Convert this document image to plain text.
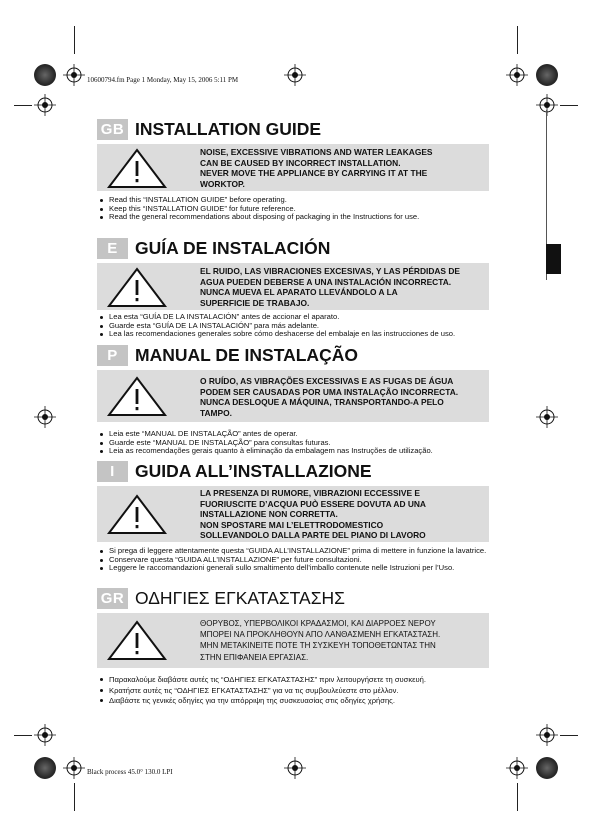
10600794.fm Page 1 Monday, May 15, 2006 5:11 PM
Black process 45.0° 130.0 LPI
GB INSTALLATION GUIDE
NOISE, EXCESSIVE VIBRATIONS AND WATER LEAKAGES
CAN BE CAUSED BY INCORRECT INSTALLATION.
NEVER MOVE THE APPLIANCE BY CARRYING IT AT THE
WORKTOP.
Read this “INSTALLATION GUIDE” before operating.
Keep this “INSTALLATION GUIDE” for future reference.
Read the general recommendations about disposing of packaging in the Instructions for use.
E GUÍA DE INSTALACIÓN
EL RUIDO, LAS VIBRACIONES EXCESIVAS, Y LAS PÉRDIDAS DE
AGUA PUEDEN DEBERSE A UNA INSTALACIÓN INCORRECTA.
NUNCA MUEVA EL APARATO LLEVÁNDOLO A LA
SUPERFICIE DE TRABAJO.
Lea esta “GUÍA DE LA INSTALACIÓN” antes de accionar el aparato.
Guarde esta “GUÍA DE LA INSTALACIÓN” para más adelante.
Lea las recomendaciones generales sobre cómo deshacerse del embalaje en las instrucciones de uso.
P MANUAL DE INSTALAÇÃO
O RUÍDO, AS VIBRAÇÕES EXCESSIVAS E AS FUGAS DE ÁGUA
PODEM SER CAUSADAS POR UMA INSTALAÇÃO INCORRECTA.
NUNCA DESLOQUE A MÁQUINA, TRANSPORTANDO-A PELO
TAMPO.
Leia este “MANUAL DE INSTALAÇÃO” antes de operar.
Guarde este “MANUAL DE INSTALAÇÃO” para consultas futuras.
Leia as recomendações gerais quanto à eliminação da embalagem nas Instruções de utilização.
I	GUIDA ALL’INSTALLAZIONE
LA PRESENZA DI RUMORE, VIBRAZIONI ECCESSIVE E
FUORIUSCITE D’ACQUA PUÒ ESSERE DOVUTA AD UNA
INSTALLAZIONE NON CORRETTA.
NON SPOSTARE MAI L’ELETTRODOMESTICO
SOLLEVANDOLO DALLA PARTE DEL PIANO DI LAVORO
Si prega di leggere attentamente questa “GUIDA ALL’INSTALLAZIONE” prima di mettere in funzione la lavatrice.
Conservare questa “GUIDA ALL’INSTALLAZIONE” per future consultazioni.
Leggere le raccomandazioni generali sullo smaltimento dell’imballo contenute nelle Istruzioni per l’Uso.
GR ΟΔΗΓΙΕΣ ΕΓΚΑΤΑΣΤΑΣΗΣ
ΘΟΡΥΒΟΣ, ΥΠΕΡΒΟΛΙΚΟΙ ΚΡΑΔΑΣΜΟΙ, ΚΑΙ ΔΙΑΡΡΟΕΣ ΝΕΡΟΥ
ΜΠΟΡΕΙ ΝΑ ΠΡΟΚΛΗΘΟΥΝ ΑΠΟ ΛΑΝΘΑΣΜΕΝΗ ΕΓΚΑΤΑΣΤΑΣΗ.
ΜΗΝ ΜΕΤΑΚΙΝΕΙΤΕ ΠΟΤΕ ΤΗ ΣΥΣΚΕΥΗ ΤΟΠΟΘΕΤΩΝΤΑΣ ΤΗΝ
ΣΤΗΝ ΕΠΙΦΑΝΕΙΑ ΕΡΓΑΣΙΑΣ.
Παρακαλούμε διαβάστε αυτές τις “ΟΔΗΓΙΕΣ ΕΓΚΑΤΑΣΤΑΣΗΣ” πριν λειτουργήσετε τη συσκευή.
Κρατήστε αυτές τις “ΟΔΗΓΙΕΣ ΕΓΚΑΤΑΣΤΑΣΗΣ” για να τις συμβουλεύεστε στο μέλλον.
Διαβάστε τις γενικές οδηγίες για την απόρριψη της συσκευασίας στις οδηγίες χρήσης.
